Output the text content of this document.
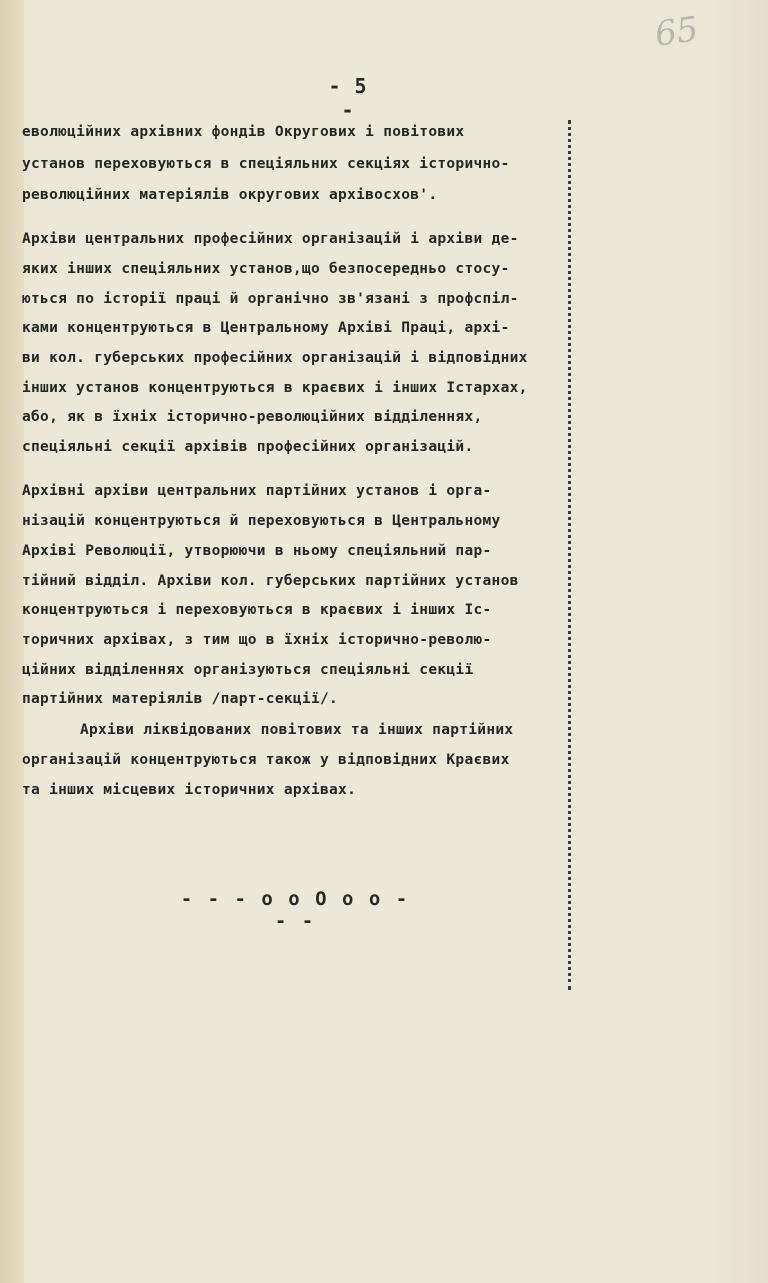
65
- 5 -
еволюційних архівних фондів Округових і повітових
установ переховуються в спеціяльних секціях історично-
революційних матеріялів округових архівосхов'.
Архіви центральних професійних організацій і архіви де-
яких інших спеціяльних установ,що безпосередньо стосу-
ються по історії праці й органічно зв'язані з профспіл-
ками концентруються в Центральному Архіві Праці, архі-
ви кол. губерських професійних організацій і відповідних
інших установ концентруються в краєвих і інших Істархах,
або, як в їхніх історично-революційних відділеннях,
спеціяльні секції архівів професійних організацій.
Архівні архіви центральних партійних установ і орга-
нізацій концентруються й переховуються в Центральному
Архіві Революції, утворюючи в ньому спеціяльний пар-
тійний відділ. Архіви кол. губерських партійних установ
концентруються і переховуються в краєвих і інших Іс-
торичних архівах, з тим що в їхніх історично-револю-
ційних відділеннях організуються спеціяльні секції
партійних матеріялів /парт-секції/.
Архіви ліквідованих повітових та інших партійних
організацій концентруються також у відповідних Краєвих
та інших місцевих історичних архівах.
- - - o o O o o - - -
